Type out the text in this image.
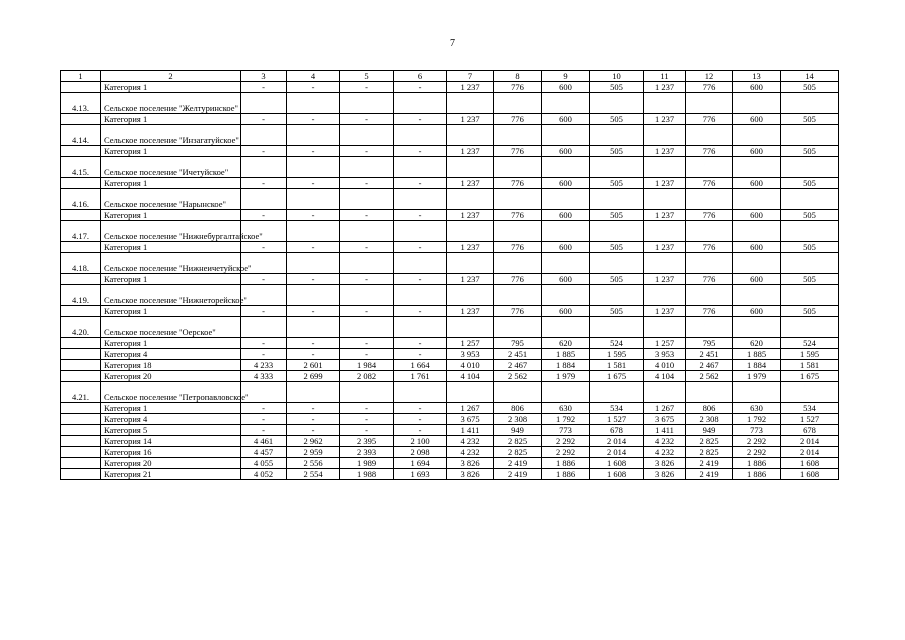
7
1	2	3	4	5	6	7	8	9	10	11	12	13	14
	Категория 1	-	-	-	-	1 237	776	600	505	1 237	776	600	505
4.13.	Сельское поселение "Желтуринское"												
	Категория 1	-	-	-	-	1 237	776	600	505	1 237	776	600	505
4.14.	Сельское поселение "Инзагатуйское"												
	Категория 1	-	-	-	-	1 237	776	600	505	1 237	776	600	505
4.15.	Сельское поселение "Ичетуйское"												
	Категория 1	-	-	-	-	1 237	776	600	505	1 237	776	600	505
4.16.	Сельское поселение "Нарынское"												
	Категория 1	-	-	-	-	1 237	776	600	505	1 237	776	600	505
4.17.	Сельское поселение "Нижнебургалтайское"												
	Категория 1	-	-	-	-	1 237	776	600	505	1 237	776	600	505
4.18.	Сельское поселение "Нижнеичетуйское"												
	Категория 1	-	-	-	-	1 237	776	600	505	1 237	776	600	505
4.19.	Сельское поселение "Нижнеторейское"												
	Категория 1	-	-	-	-	1 237	776	600	505	1 237	776	600	505
4.20.	Сельское поселение "Оерское"												
	Категория 1	-	-	-	-	1 257	795	620	524	1 257	795	620	524
	Категория 4	-	-	-	-	3 953	2 451	1 885	1 595	3 953	2 451	1 885	1 595
	Категория 18	4 233	2 601	1 984	1 664	4 010	2 467	1 884	1 581	4 010	2 467	1 884	1 581
	Категория 20	4 333	2 699	2 082	1 761	4 104	2 562	1 979	1 675	4 104	2 562	1 979	1 675
4.21.	Сельское поселение "Петропавловское"												
	Категория 1	-	-	-	-	1 267	806	630	534	1 267	806	630	534
	Категория 4	-	-	-	-	3 675	2 308	1 792	1 527	3 675	2 308	1 792	1 527
	Категория 5	-	-	-	-	1 411	949	773	678	1 411	949	773	678
	Категория 14	4 461	2 962	2 395	2 100	4 232	2 825	2 292	2 014	4 232	2 825	2 292	2 014
	Категория 16	4 457	2 959	2 393	2 098	4 232	2 825	2 292	2 014	4 232	2 825	2 292	2 014
	Категория 20	4 055	2 556	1 989	1 694	3 826	2 419	1 886	1 608	3 826	2 419	1 886	1 608
	Категория 21	4 052	2 554	1 988	1 693	3 826	2 419	1 886	1 608	3 826	2 419	1 886	1 608
